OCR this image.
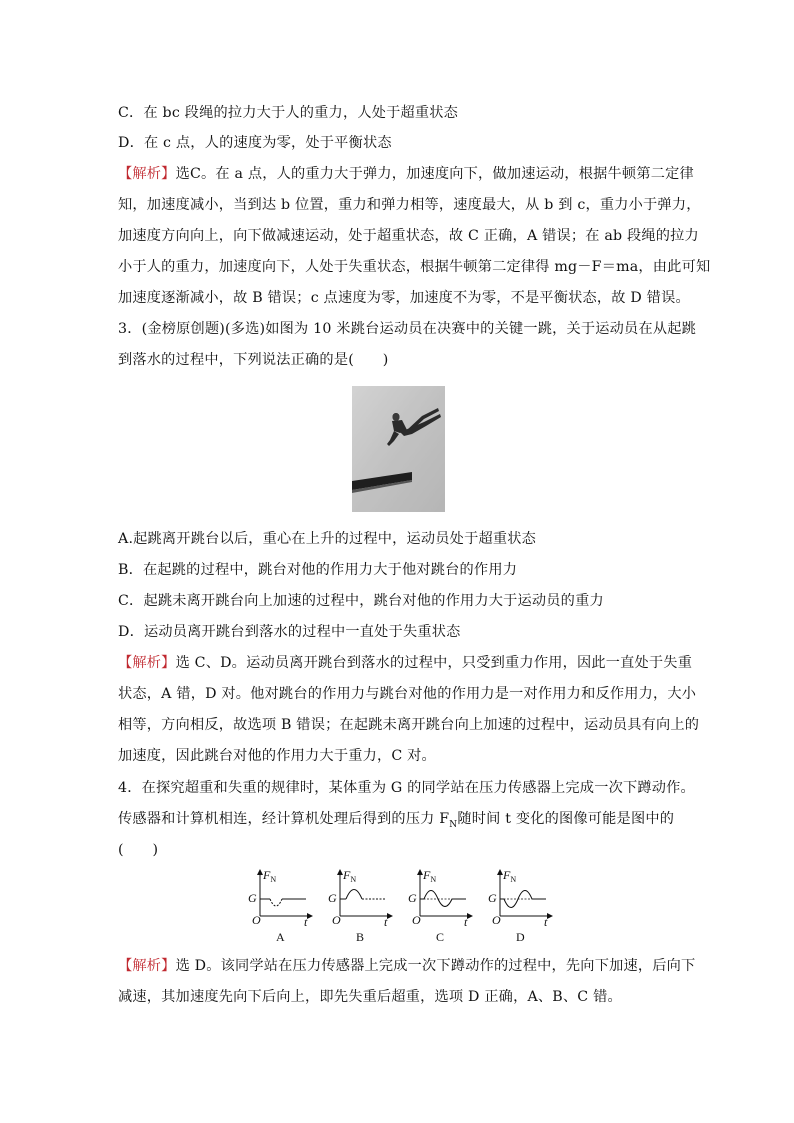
C．在 bc 段绳的拉力大于人的重力，人处于超重状态
D．在 c 点，人的速度为零，处于平衡状态
【解析】选C。在 a 点，人的重力大于弹力，加速度向下，做加速运动，根据牛顿第二定律
知，加速度减小，当到达 b 位置，重力和弹力相等，速度最大，从 b 到 c，重力小于弹力，
加速度方向向上，向下做减速运动，处于超重状态，故 C 正确，A 错误；在 ab 段绳的拉力
小于人的重力，加速度向下，人处于失重状态，根据牛顿第二定律得 mg－F＝ma，由此可知
加速度逐渐减小，故 B 错误；c 点速度为零，加速度不为零，不是平衡状态，故 D 错误。
3．(金榜原创题)(多选)如图为 10 米跳台运动员在决赛中的关键一跳，关于运动员在从起跳
到落水的过程中，下列说法正确的是(　　)
A.起跳离开跳台以后，重心在上升的过程中，运动员处于超重状态
B．在起跳的过程中，跳台对他的作用力大于他对跳台的作用力
C．起跳未离开跳台向上加速的过程中，跳台对他的作用力大于运动员的重力
D．运动员离开跳台到落水的过程中一直处于失重状态
【解析】选 C、D。运动员离开跳台到落水的过程中，只受到重力作用，因此一直处于失重
状态，A 错，D 对。他对跳台的作用力与跳台对他的作用力是一对作用力和反作用力，大小
相等，方向相反，故选项 B 错误；在起跳未离开跳台向上加速的过程中，运动员具有向上的
加速度，因此跳台对他的作用力大于重力，C 对。
4．在探究超重和失重的规律时，某体重为 G 的同学站在压力传感器上完成一次下蹲动作。
传感器和计算机相连，经计算机处理后得到的压力 $F_N$随时间 t 变化的图像可能是图中的
(　　)
$F_N$
G
O	t
A
$F_N$
G
O	t
B
$F_N$
G
O	t
C
$F_N$
G
O	t
D
【解析】选 D。该同学站在压力传感器上完成一次下蹲动作的过程中，先向下加速，后向下
减速，其加速度先向下后向上，即先失重后超重，选项 D 正确，A、B、C 错。
